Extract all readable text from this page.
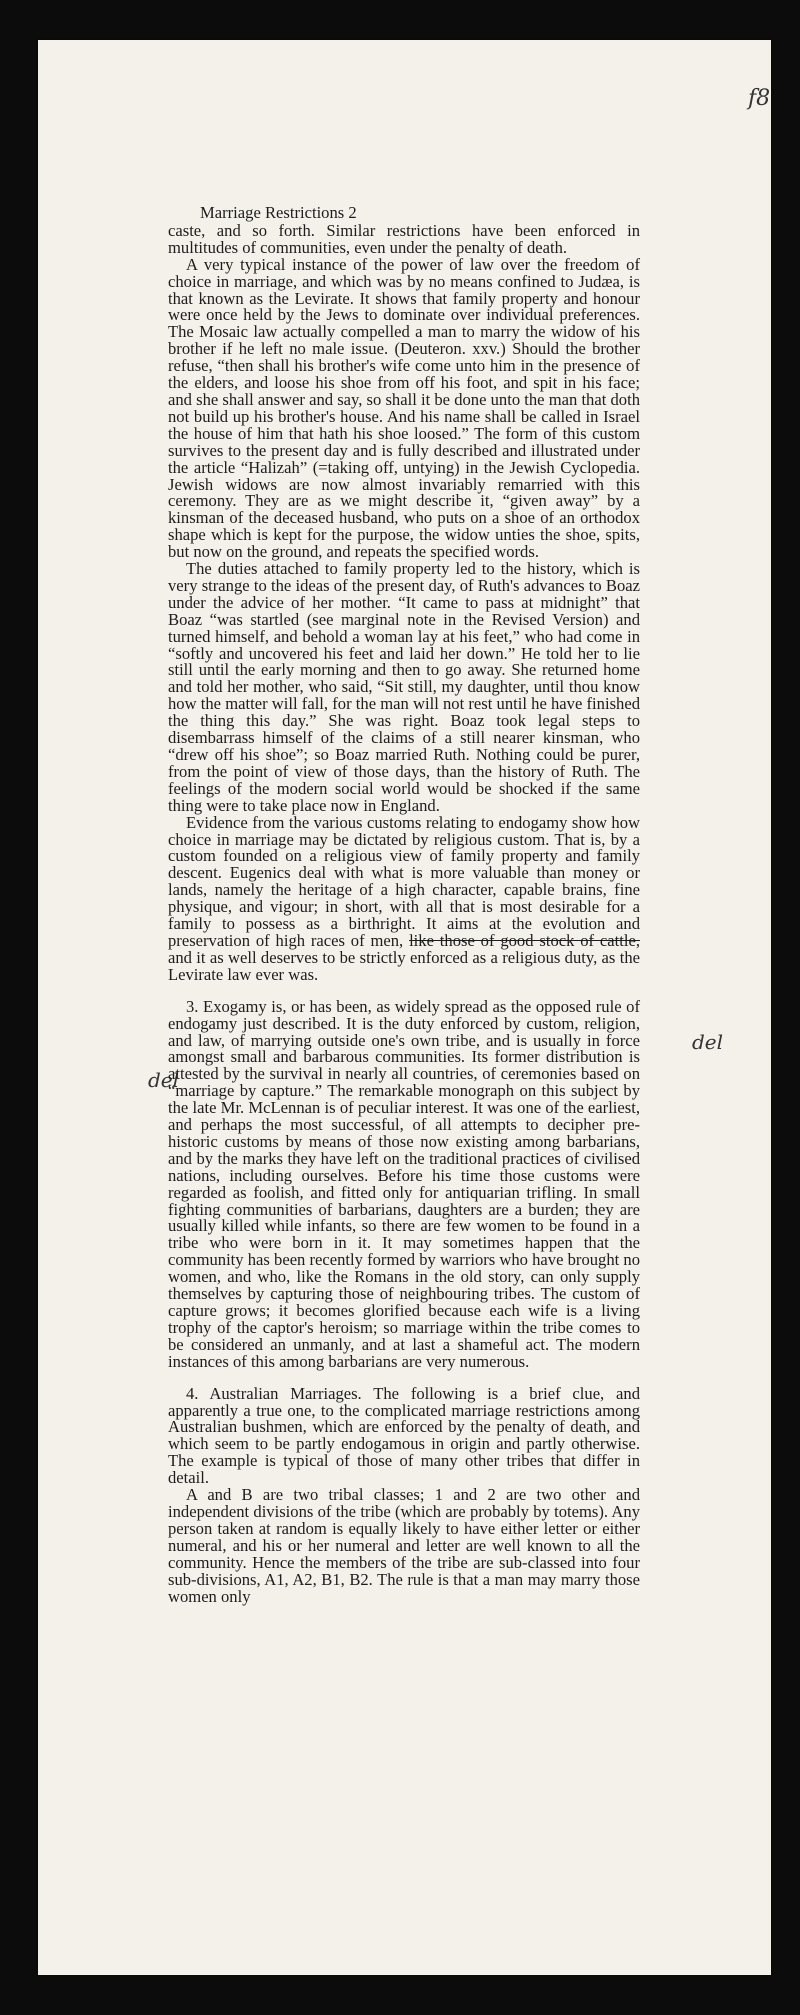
f8
del
del
Marriage Restrictions 2

caste, and so forth. Similar restrictions have been enforced in multitudes of communities, even under the penalty of death.

A very typical instance of the power of law over the freedom of choice in marriage, and which was by no means confined to Judæa, is that known as the Levirate. It shows that family property and honour were once held by the Jews to dominate over individual preferences. The Mosaic law actually compelled a man to marry the widow of his brother if he left no male issue. (Deuteron. xxv.) Should the brother refuse, “then shall his brother's wife come unto him in the presence of the elders, and loose his shoe from off his foot, and spit in his face; and she shall answer and say, so shall it be done unto the man that doth not build up his brother's house. And his name shall be called in Israel the house of him that hath his shoe loosed.” The form of this custom survives to the present day and is fully described and illustrated under the article “Halizah” (=taking off, untying) in the Jewish Cyclopedia. Jewish widows are now almost invariably remarried with this ceremony. They are as we might describe it, “given away” by a kinsman of the deceased husband, who puts on a shoe of an orthodox shape which is kept for the purpose, the widow unties the shoe, spits, but now on the ground, and repeats the specified words.

The duties attached to family property led to the history, which is very strange to the ideas of the present day, of Ruth's advances to Boaz under the advice of her mother. “It came to pass at midnight” that Boaz “was startled (see marginal note in the Revised Version) and turned himself, and behold a woman lay at his feet,” who had come in “softly and uncovered his feet and laid her down.” He told her to lie still until the early morning and then to go away. She returned home and told her mother, who said, “Sit still, my daughter, until thou know how the matter will fall, for the man will not rest until he have finished the thing this day.” She was right. Boaz took legal steps to disembarrass himself of the claims of a still nearer kinsman, who “drew off his shoe”; so Boaz married Ruth. Nothing could be purer, from the point of view of those days, than the history of Ruth. The feelings of the modern social world would be shocked if the same thing were to take place now in England.

Evidence from the various customs relating to endogamy show how choice in marriage may be dictated by religious custom. That is, by a custom founded on a religious view of family property and family descent. Eugenics deal with what is more valuable than money or lands, namely the heritage of a high character, capable brains, fine physique, and vigour; in short, with all that is most desirable for a family to possess as a birthright. It aims at the evolution and preservation of high races of men, like those of good stock of cattle, and it as well deserves to be strictly enforced as a religious duty, as the Levirate law ever was.

3. Exogamy is, or has been, as widely spread as the opposed rule of endogamy just described. It is the duty enforced by custom, religion, and law, of marrying outside one's own tribe, and is usually in force amongst small and barbarous communities. Its former distribution is attested by the survival in nearly all countries, of ceremonies based on “marriage by capture.” The remarkable monograph on this subject by the late Mr. McLennan is of peculiar interest. It was one of the earliest, and perhaps the most successful, of all attempts to decipher pre-historic customs by means of those now existing among barbarians, and by the marks they have left on the traditional practices of civilised nations, including ourselves. Before his time those customs were regarded as foolish, and fitted only for antiquarian trifling. In small fighting communities of barbarians, daughters are a burden; they are usually killed while infants, so there are few women to be found in a tribe who were born in it. It may sometimes happen that the community has been recently formed by warriors who have brought no women, and who, like the Romans in the old story, can only supply themselves by capturing those of neighbouring tribes. The custom of capture grows; it becomes glorified because each wife is a living trophy of the captor's heroism; so marriage within the tribe comes to be considered an unmanly, and at last a shameful act. The modern instances of this among barbarians are very numerous.

4. Australian Marriages. The following is a brief clue, and apparently a true one, to the complicated marriage restrictions among Australian bushmen, which are enforced by the penalty of death, and which seem to be partly endogamous in origin and partly otherwise. The example is typical of those of many other tribes that differ in detail.

A and B are two tribal classes; 1 and 2 are two other and independent divisions of the tribe (which are probably by totems). Any person taken at random is equally likely to have either letter or either numeral, and his or her numeral and letter are well known to all the community. Hence the members of the tribe are sub-classed into four sub-divisions, A1, A2, B1, B2. The rule is that a man may marry those women only
